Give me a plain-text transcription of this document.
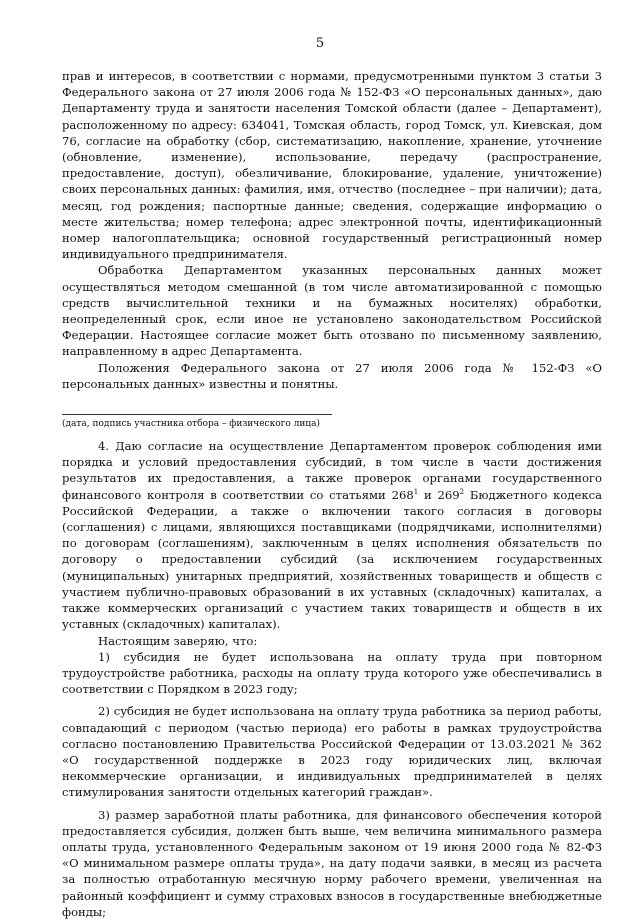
5

прав и интересов, в соответствии с нормами, предусмотренными пунктом 3 статьи 3 Федерального закона от 27 июля 2006 года № 152-ФЗ «О персональных данных», даю Департаменту труда и занятости населения Томской области (далее – Департамент), расположенному по адресу: 634041, Томская область, город Томск, ул. Киевская, дом 76, согласие на обработку (сбор, систематизацию, накопление, хранение, уточнение (обновление, изменение), использование, передачу (распространение, предоставление, доступ), обезличивание, блокирование, удаление, уничтожение) своих персональных данных: фамилия, имя, отчество (последнее – при наличии); дата, месяц, год рождения; паспортные данные; сведения, содержащие информацию о месте жительства; номер телефона; адрес электронной почты, идентификационный номер налогоплательщика; основной государственный регистрационный номер индивидуального предпринимателя.

Обработка Департаментом указанных персональных данных может осуществляться методом смешанной (в том числе автоматизированной с помощью средств вычислительной техники и на бумажных носителях) обработки, неопределенный срок, если иное не установлено законодательством Российской Федерации. Настоящее согласие может быть отозвано по письменному заявлению, направленному в адрес Департамента.

Положения Федерального закона от 27 июля 2006 года № 152-ФЗ «О персональных данных» известны и понятны.

(дата, подпись участника отбора – физического лица)

4. Даю согласие на осуществление Департаментом проверок соблюдения ими порядка и условий предоставления субсидий, в том числе в части достижения результатов их предоставления, а также проверок органами государственного финансового контроля в соответствии со статьями $268^1$ и $269^2$ Бюджетного кодекса Российской Федерации, а также о включении такого согласия в договоры (соглашения) с лицами, являющихся поставщиками (подрядчиками, исполнителями) по договорам (соглашениям), заключенным в целях исполнения обязательств по договору о предоставлении субсидий (за исключением государственных (муниципальных) унитарных предприятий, хозяйственных товариществ и обществ с участием публично-правовых образований в их уставных (складочных) капиталах, а также коммерческих организаций с участием таких товариществ и обществ в их уставных (складочных) капиталах).

Настоящим заверяю, что:

1) субсидия не будет использована на оплату труда при повторном трудоустройстве работника, расходы на оплату труда которого уже обеспечивались в соответствии с Порядком в 2023 году;

2) субсидия не будет использована на оплату труда работника за период работы, совпадающий с периодом (частью периода) его работы в рамках трудоустройства согласно постановлению Правительства Российской Федерации от 13.03.2021 № 362 «О государственной поддержке в 2023 году юридических лиц, включая некоммерческие организации, и индивидуальных предпринимателей в целях стимулирования занятости отдельных категорий граждан».

3) размер заработной платы работника, для финансового обеспечения которой предоставляется субсидия, должен быть выше, чем величина минимального размера оплаты труда, установленного Федеральным законом от 19 июня 2000 года № 82-ФЗ «О минимальном размере оплаты труда», на дату подачи заявки, в месяц из расчета за полностью отработанную месячную норму рабочего времени, увеличенная на районный коэффициент и сумму страховых взносов в государственные внебюджетные фонды;
